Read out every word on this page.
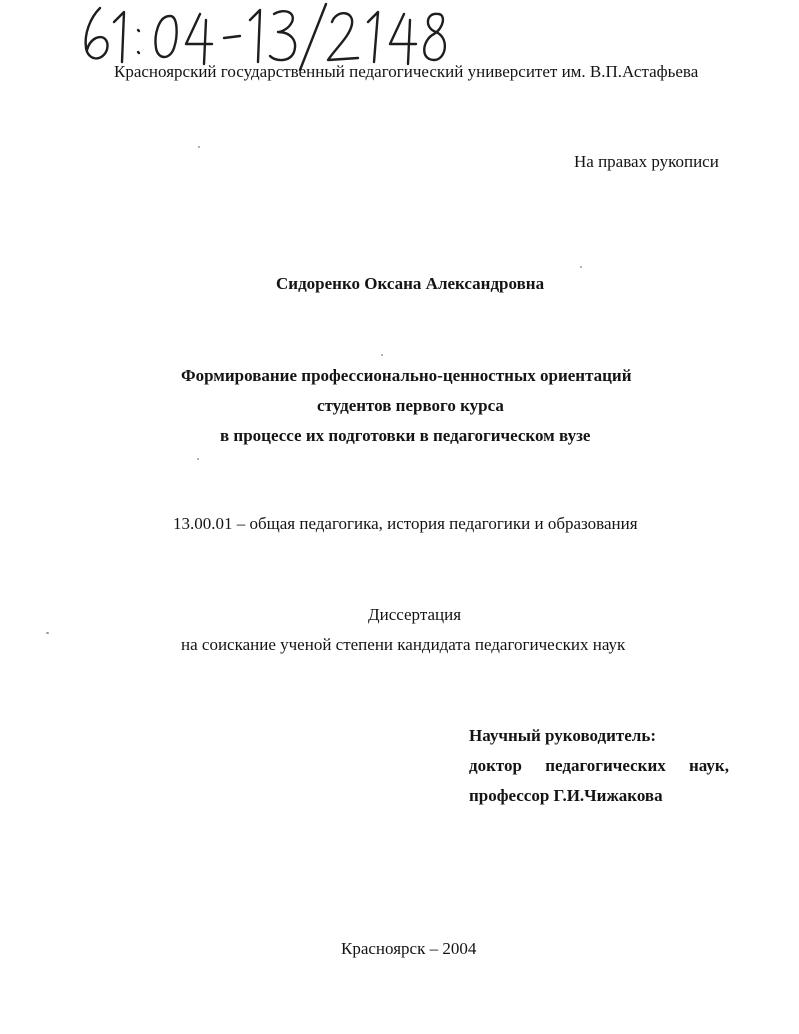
Красноярский государственный педагогический университет им. В.П.Астафьева
На правах рукописи
Сидоренко Оксана Александровна
Формирование профессионально-ценностных ориентаций
студентов первого курса
в процессе их подготовки в педагогическом вузе
13.00.01 – общая педагогика, история педагогики и образования
Диссертация
на соискание ученой степени кандидата педагогических наук
Научный руководитель:
доктор педагогических наук,
профессор Г.И.Чижакова
Красноярск – 2004
